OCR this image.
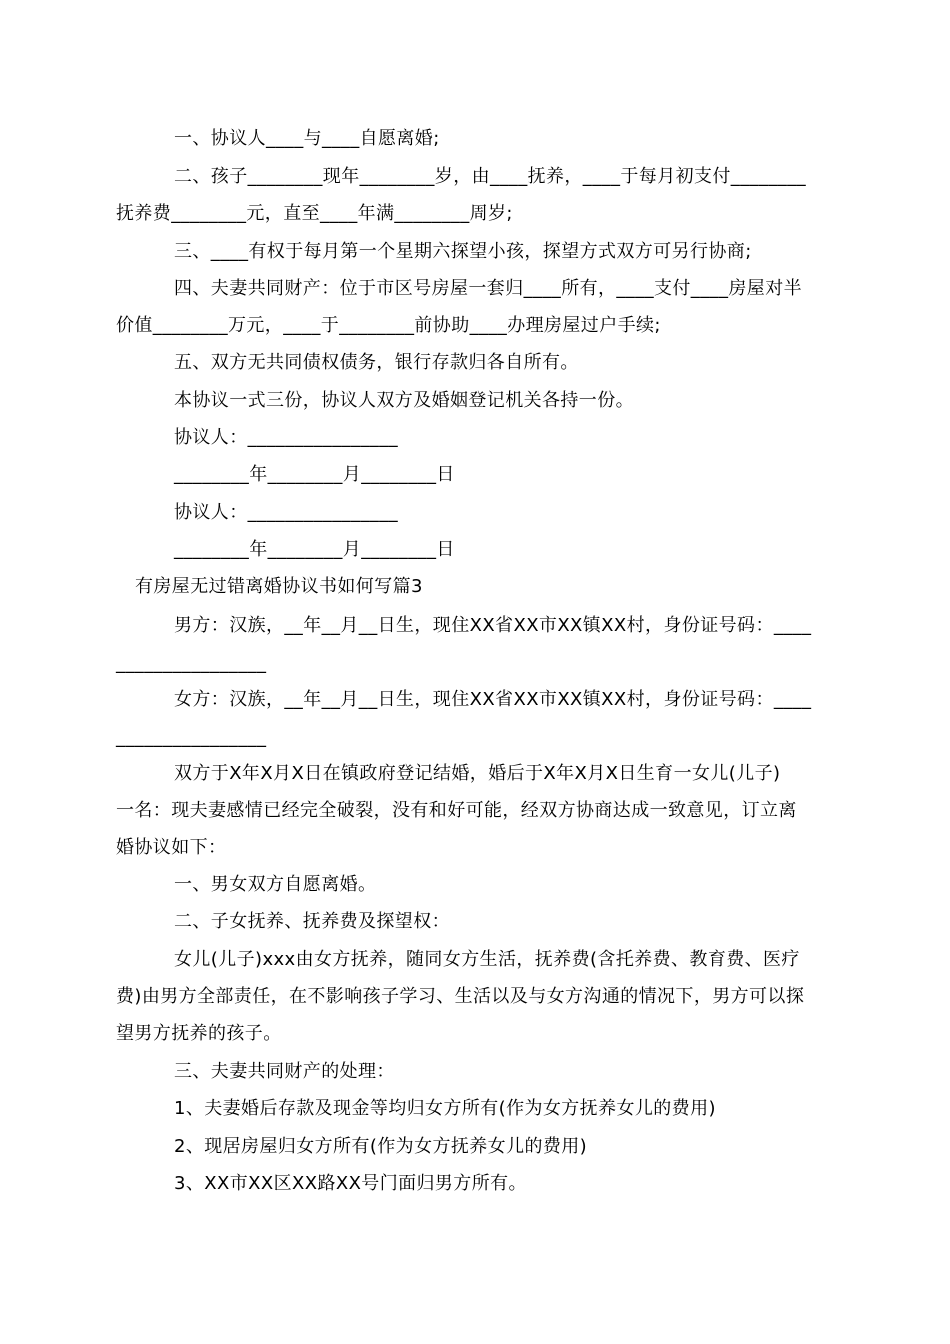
一、协议人____与____自愿离婚;
二、孩子________现年________岁，由____抚养，____于每月初支付________
抚养费________元，直至____年满________周岁;
三、____有权于每月第一个星期六探望小孩，探望方式双方可另行协商;
四、夫妻共同财产：位于市区号房屋一套归____所有，____支付____房屋对半
价值________万元，____于________前协助____办理房屋过户手续;
五、双方无共同债权债务，银行存款归各自所有。
本协议一式三份，协议人双方及婚姻登记机关各持一份。
协议人：________________
________年________月________日
协议人：________________
________年________月________日
有房屋无过错离婚协议书如何写篇3
男方：汉族，__年__月__日生，现住XX省XX市XX镇XX村，身份证号码：____
________________
女方：汉族，__年__月__日生，现住XX省XX市XX镇XX村，身份证号码：____
________________
双方于X年X月X日在镇政府登记结婚，婚后于X年X月X日生育一女儿(儿子)
一名：现夫妻感情已经完全破裂，没有和好可能，经双方协商达成一致意见，订立离
婚协议如下：
一、男女双方自愿离婚。
二、子女抚养、抚养费及探望权：
女儿(儿子)xxx由女方抚养，随同女方生活，抚养费(含托养费、教育费、医疗
费)由男方全部责任，在不影响孩子学习、生活以及与女方沟通的情况下，男方可以探
望男方抚养的孩子。
三、夫妻共同财产的处理：
1、夫妻婚后存款及现金等均归女方所有(作为女方抚养女儿的费用)
2、现居房屋归女方所有(作为女方抚养女儿的费用)
3、XX市XX区XX路XX号门面归男方所有。
